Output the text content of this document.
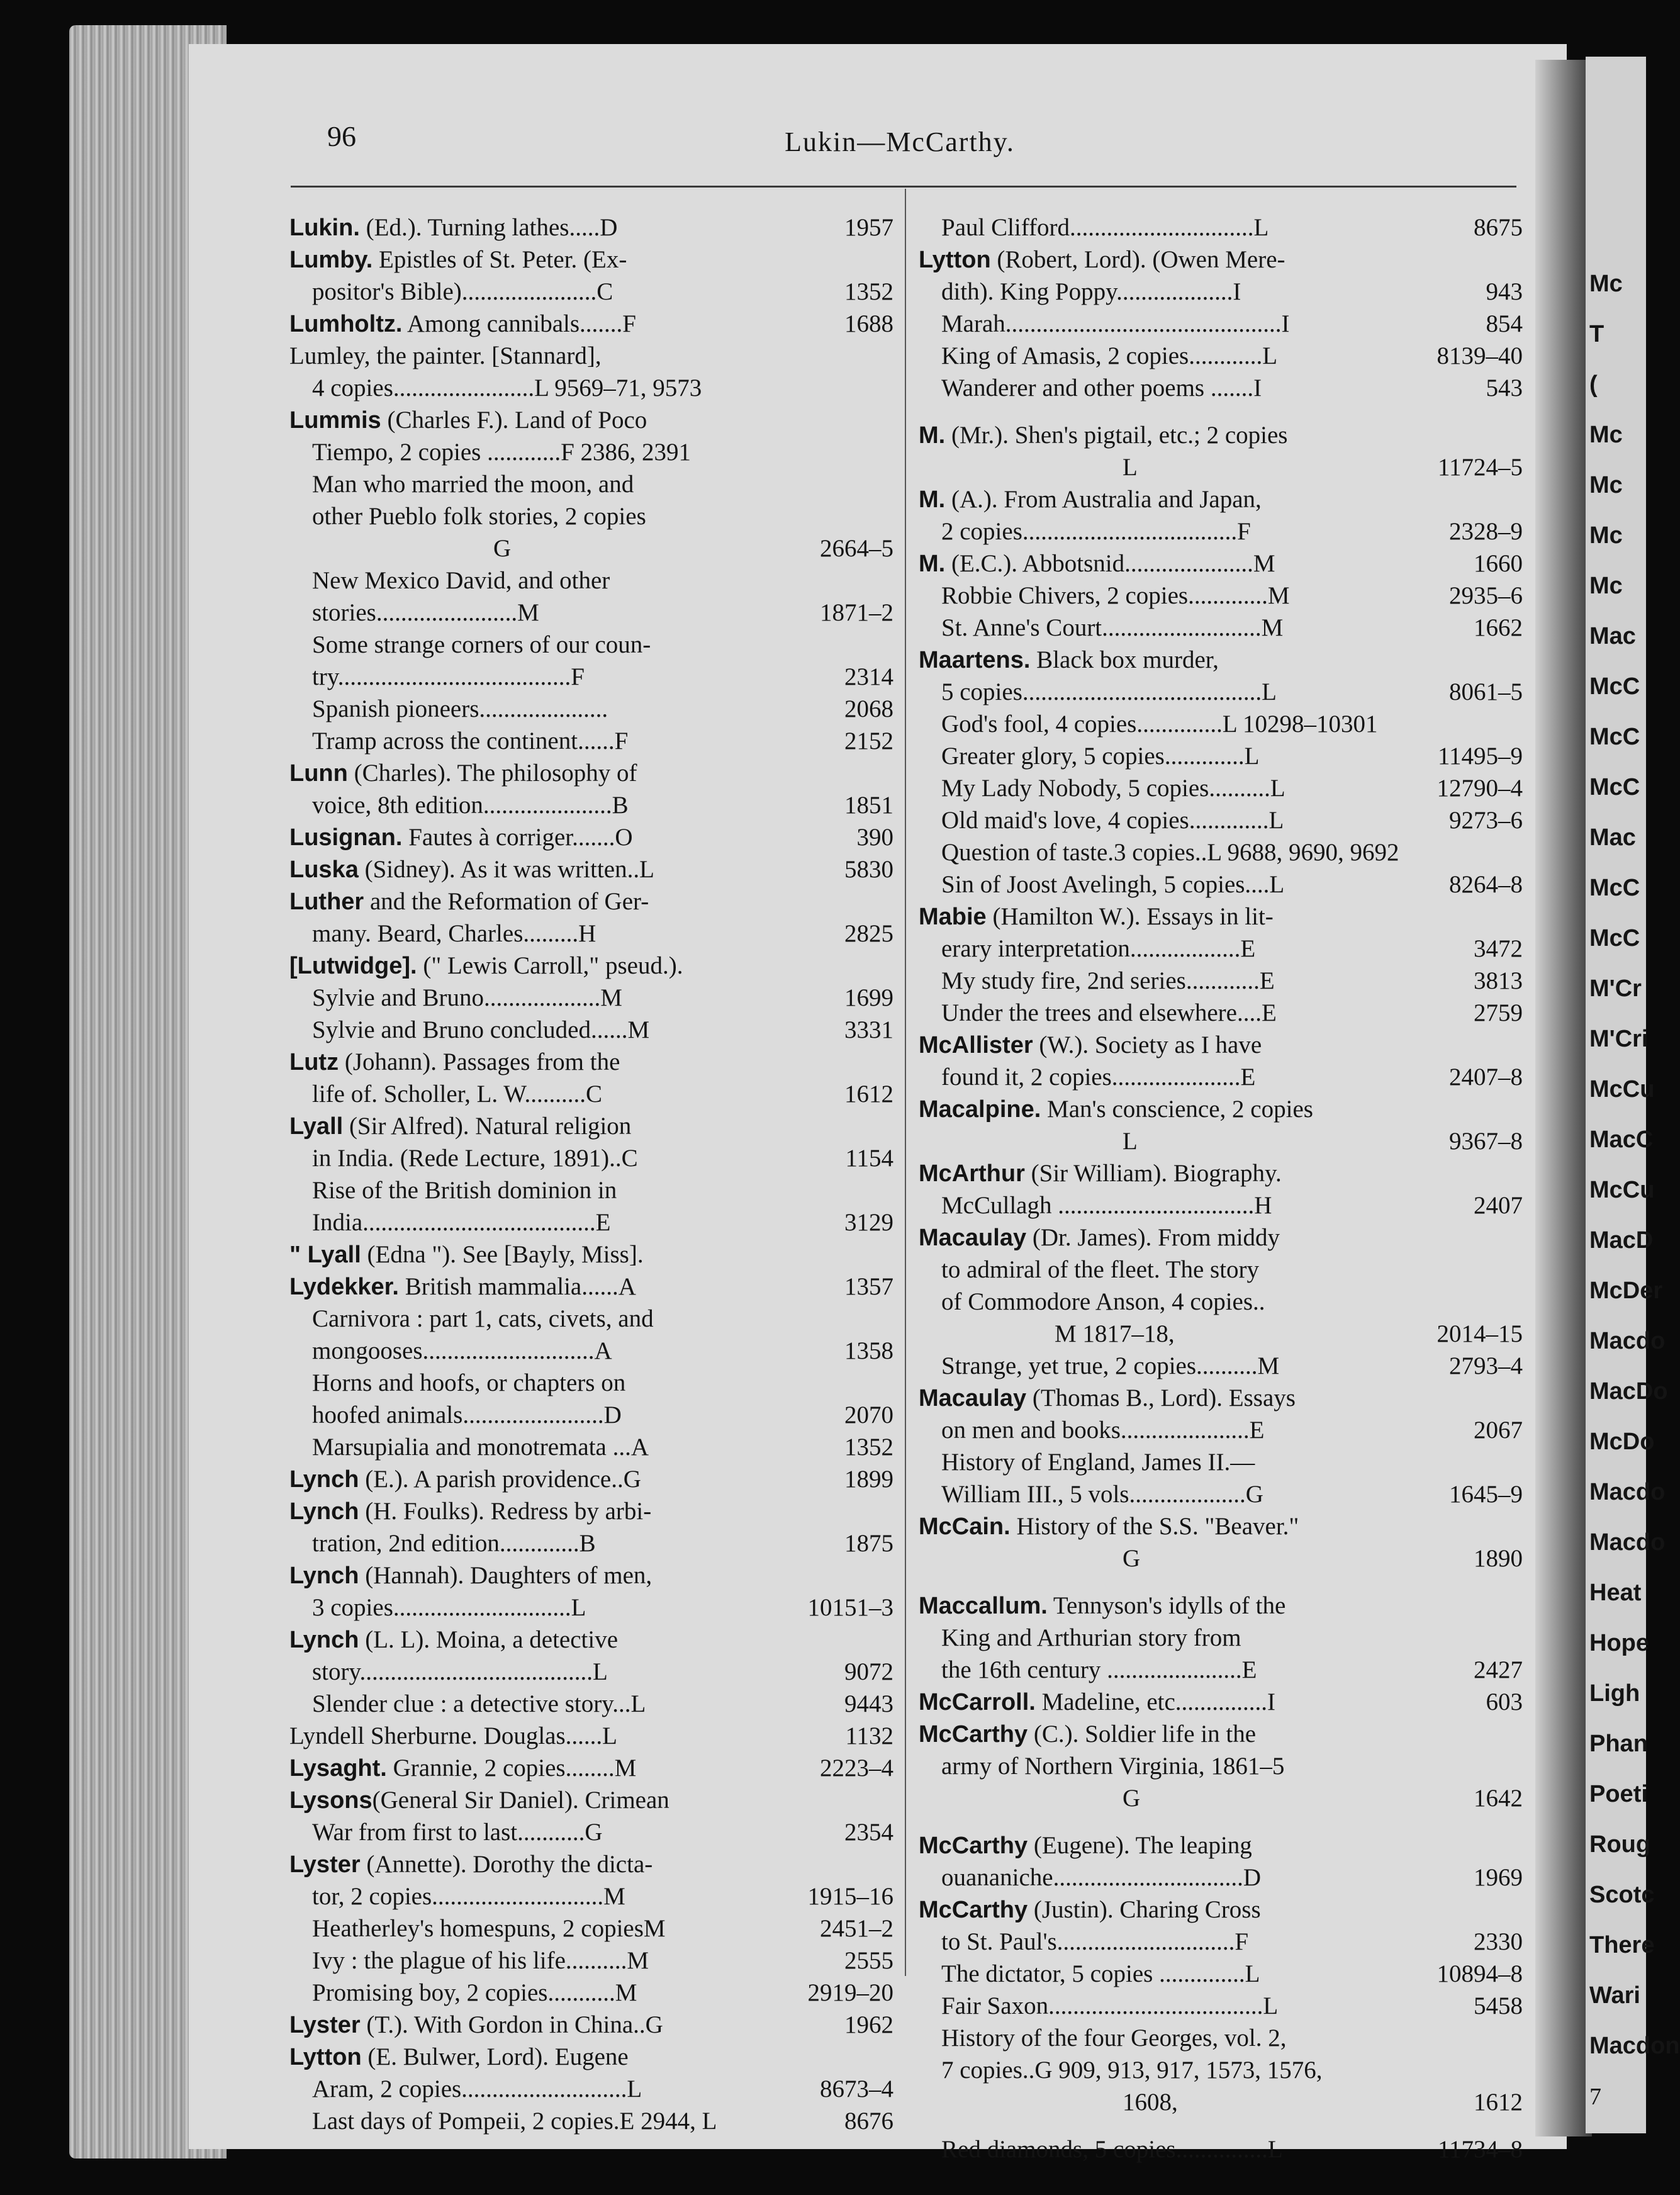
Mc
T
(
Mc
Mc
Mc
Mc
Mac
McC
McC
McC
Mac
McC
McC
M'Cr
M'Cri
McCu
MacC
McCu
MacD
McDer
Macdo
MacDo
McDo
Macdo
Macdo
Heat
Hope
Ligh
Phan
Poeti
Roug
Scotc
There
Wari
Macdon
7
96	Lukin—McCarthy.
Lukin. (Ed.). Turning lathes.....D	1957
Lumby. Epistles of St. Peter. (Ex-
positor's Bible)......................C	1352
Lumholtz. Among cannibals.......F	1688
Lumley, the painter. [Stannard],
4 copies.......................L 9569–71, 9573
Lummis (Charles F.). Land of Poco
Tiempo, 2 copies ............F 2386, 2391
Man who married the moon, and
other Pueblo folk stories, 2 copies
G	2664–5
New Mexico David, and other
stories.......................M	1871–2
Some strange corners of our coun-
try......................................F	2314
Spanish pioneers.....................	2068
Tramp across the continent......F	2152
Lunn (Charles). The philosophy of
voice, 8th edition.....................B	1851
Lusignan. Fautes à corriger.......O	390
Luska (Sidney). As it was written..L	5830
Luther and the Reformation of Ger-
many. Beard, Charles.........H	2825
[Lutwidge]. (" Lewis Carroll," pseud.).
Sylvie and Bruno...................M	1699
Sylvie and Bruno concluded......M	3331
Lutz (Johann). Passages from the
life of. Scholler, L. W..........C	1612
Lyall (Sir Alfred). Natural religion
in India. (Rede Lecture, 1891)..C	1154
Rise of the British dominion in
India......................................E	3129
" Lyall (Edna "). See [Bayly, Miss].
Lydekker. British mammalia......A	1357
Carnivora : part 1, cats, civets, and
mongooses............................A	1358
Horns and hoofs, or chapters on
hoofed animals.......................D	2070
Marsupialia and monotremata ...A	1352
Lynch (E.). A parish providence..G	1899
Lynch (H. Foulks). Redress by arbi-
tration, 2nd edition.............B	1875
Lynch (Hannah). Daughters of men,
3 copies.............................L	10151–3
Lynch (L. L). Moina, a detective
story......................................L	9072
Slender clue : a detective story...L	9443
Lyndell Sherburne. Douglas......L	1132
Lysaght. Grannie, 2 copies........M	2223–4
Lysons(General Sir Daniel). Crimean
War from first to last...........G	2354
Lyster (Annette). Dorothy the dicta-
tor, 2 copies............................M	1915–16
Heatherley's homespuns, 2 copiesM	2451–2
Ivy : the plague of his life..........M	2555
Promising boy, 2 copies...........M	2919–20
Lyster (T.). With Gordon in China..G	1962
Lytton (E. Bulwer, Lord). Eugene
Aram, 2 copies...........................L	8673–4
Last days of Pompeii, 2 copies.E 2944, L	8676
Paul Clifford..............................L	8675
Lytton (Robert, Lord). (Owen Mere-
dith). King Poppy...................I	943
Marah.............................................I	854
King of Amasis, 2 copies............L	8139–40
Wanderer and other poems .......I	543
M. (Mr.). Shen's pigtail, etc.; 2 copies
L	11724–5
M. (A.). From Australia and Japan,
2 copies...................................F	2328–9
M. (E.C.). Abbotsnid.....................M	1660
Robbie Chivers, 2 copies.............M	2935–6
St. Anne's Court..........................M	1662
Maartens. Black box murder,
5 copies.......................................L	8061–5
God's fool, 4 copies..............L 10298–10301
Greater glory, 5 copies.............L	11495–9
My Lady Nobody, 5 copies..........L	12790–4
Old maid's love, 4 copies.............L	9273–6
Question of taste.3 copies..L 9688, 9690, 9692
Sin of Joost Avelingh, 5 copies....L	8264–8
Mabie (Hamilton W.). Essays in lit-
erary interpretation..................E	3472
My study fire, 2nd series............E	3813
Under the trees and elsewhere....E	2759
McAllister (W.). Society as I have
found it, 2 copies.....................E	2407–8
Macalpine. Man's conscience, 2 copies
L	9367–8
McArthur (Sir William). Biography.
McCullagh ................................H	2407
Macaulay (Dr. James). From middy
to admiral of the fleet. The story
of Commodore Anson, 4 copies..
M 1817–18,	2014–15
Strange, yet true, 2 copies..........M	2793–4
Macaulay (Thomas B., Lord). Essays
on men and books.....................E	2067
History of England, James II.—
William III., 5 vols...................G	1645–9
McCain. History of the S.S. "Beaver."
G	1890
Maccallum. Tennyson's idylls of the
King and Arthurian story from
the 16th century ......................E	2427
McCarroll. Madeline, etc...............I	603
McCarthy (C.). Soldier life in the
army of Northern Virginia, 1861–5
G	1642
McCarthy (Eugene). The leaping
ouananiche...............................D	1969
McCarthy (Justin). Charing Cross
to St. Paul's.............................F	2330
The dictator, 5 copies ..............L	10894–8
Fair Saxon...................................L	5458
History of the four Georges, vol. 2,
7 copies..G 909, 913, 917, 1573, 1576,
1608,	1612
Red diamonds, 5 copies...............L	11734–8
